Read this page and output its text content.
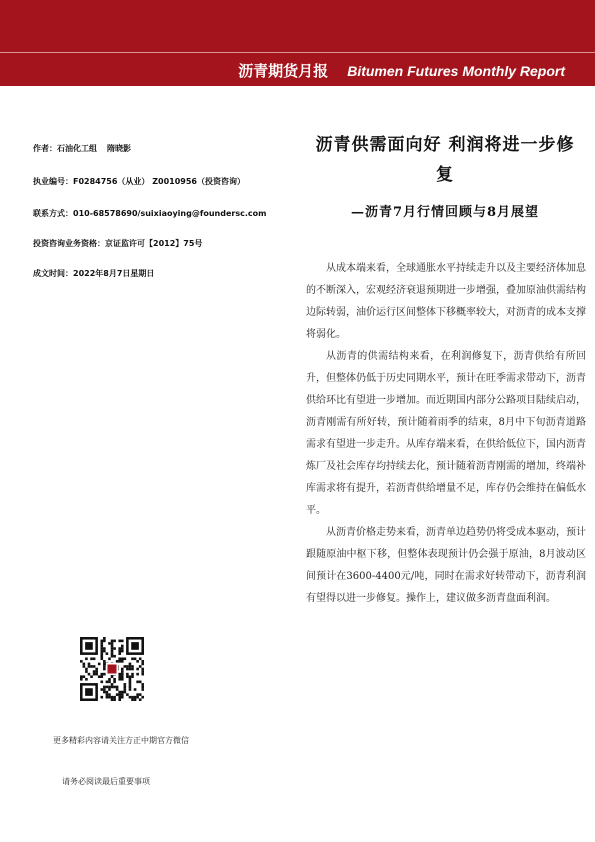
沥青期货月报 Bitumen Futures Monthly Report
作者：石油化工组 隋晓影
执业编号：F0284756（从业） Z0010956（投资咨询）
联系方式：010-68578690/suixiaoying@foundersc.com
投资咨询业务资格：京证监许可【2012】75号
成文时间：2022年8月7日星期日
沥青供需面向好 利润将进一步修
复
—沥青7月行情回顾与8月展望

从成本端来看，全球通胀水平持续走升以及主要经济体加息的不断深入，宏观经济衰退预期进一步增强，叠加原油供需结构边际转弱，油价运行区间整体下移概率较大，对沥青的成本支撑将弱化。

从沥青的供需结构来看，在利润修复下，沥青供给有所回升，但整体仍低于历史同期水平，预计在旺季需求带动下，沥青供给环比有望进一步增加。而近期国内部分公路项目陆续启动，沥青刚需有所好转，预计随着雨季的结束，8月中下旬沥青道路需求有望进一步走升。从库存端来看，在供给低位下，国内沥青炼厂及社会库存均持续去化，预计随着沥青刚需的增加，终端补库需求将有提升，若沥青供给增量不足，库存仍会维持在偏低水平。

从沥青价格走势来看，沥青单边趋势仍将受成本驱动，预计跟随原油中枢下移，但整体表现预计仍会强于原油，8月波动区间预计在3600-4400元/吨，同时在需求好转带动下，沥青利润有望得以进一步修复。操作上，建议做多沥青盘面利润。

更多精彩内容请关注方正中期官方微信
请务必阅读最后重要事项
